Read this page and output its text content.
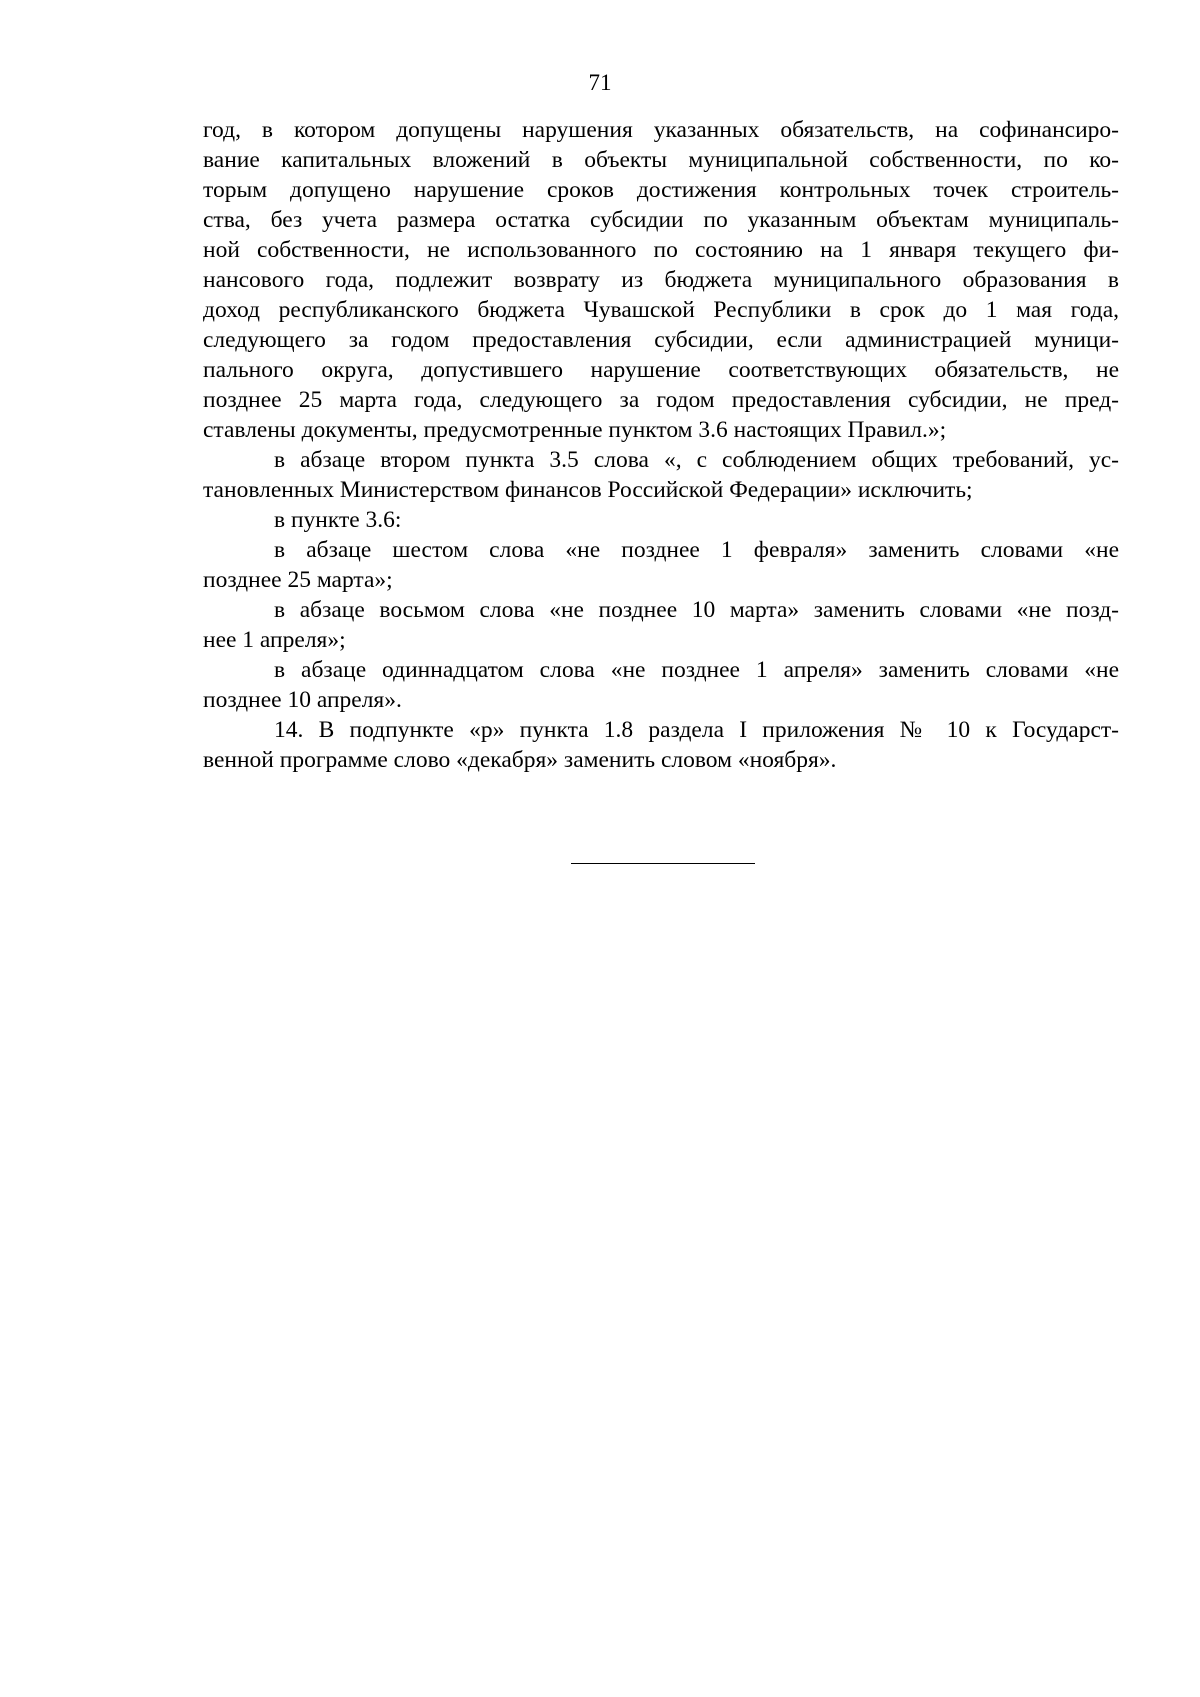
71
год, в котором допущены нарушения указанных обязательств, на софинансиро-
вание капитальных вложений в объекты муниципальной собственности, по ко-
торым допущено нарушение сроков достижения контрольных точек строитель-
ства, без учета размера остатка субсидии по указанным объектам муниципаль-
ной собственности, не использованного по состоянию на 1 января текущего фи-
нансового года, подлежит возврату из бюджета муниципального образования в
доход республиканского бюджета Чувашской Республики в срок до 1 мая года,
следующего за годом предоставления субсидии, если администрацией муници-
пального округа, допустившего нарушение соответствующих обязательств, не
позднее 25 марта года, следующего за годом предоставления субсидии, не пред-
ставлены документы, предусмотренные пунктом 3.6 настоящих Правил.»;
в абзаце втором пункта 3.5 слова «, с соблюдением общих требований, ус-
тановленных Министерством финансов Российской Федерации» исключить;
в пункте 3.6:
в абзаце шестом слова «не позднее 1 февраля» заменить словами «не
позднее 25 марта»;
в абзаце восьмом слова «не позднее 10 марта» заменить словами «не позд-
нее 1 апреля»;
в абзаце одиннадцатом слова «не позднее 1 апреля» заменить словами «не
позднее 10 апреля».
14. В подпункте «р» пункта 1.8 раздела I приложения № 10 к Государст-
венной программе слово «декабря» заменить словом «ноября».
